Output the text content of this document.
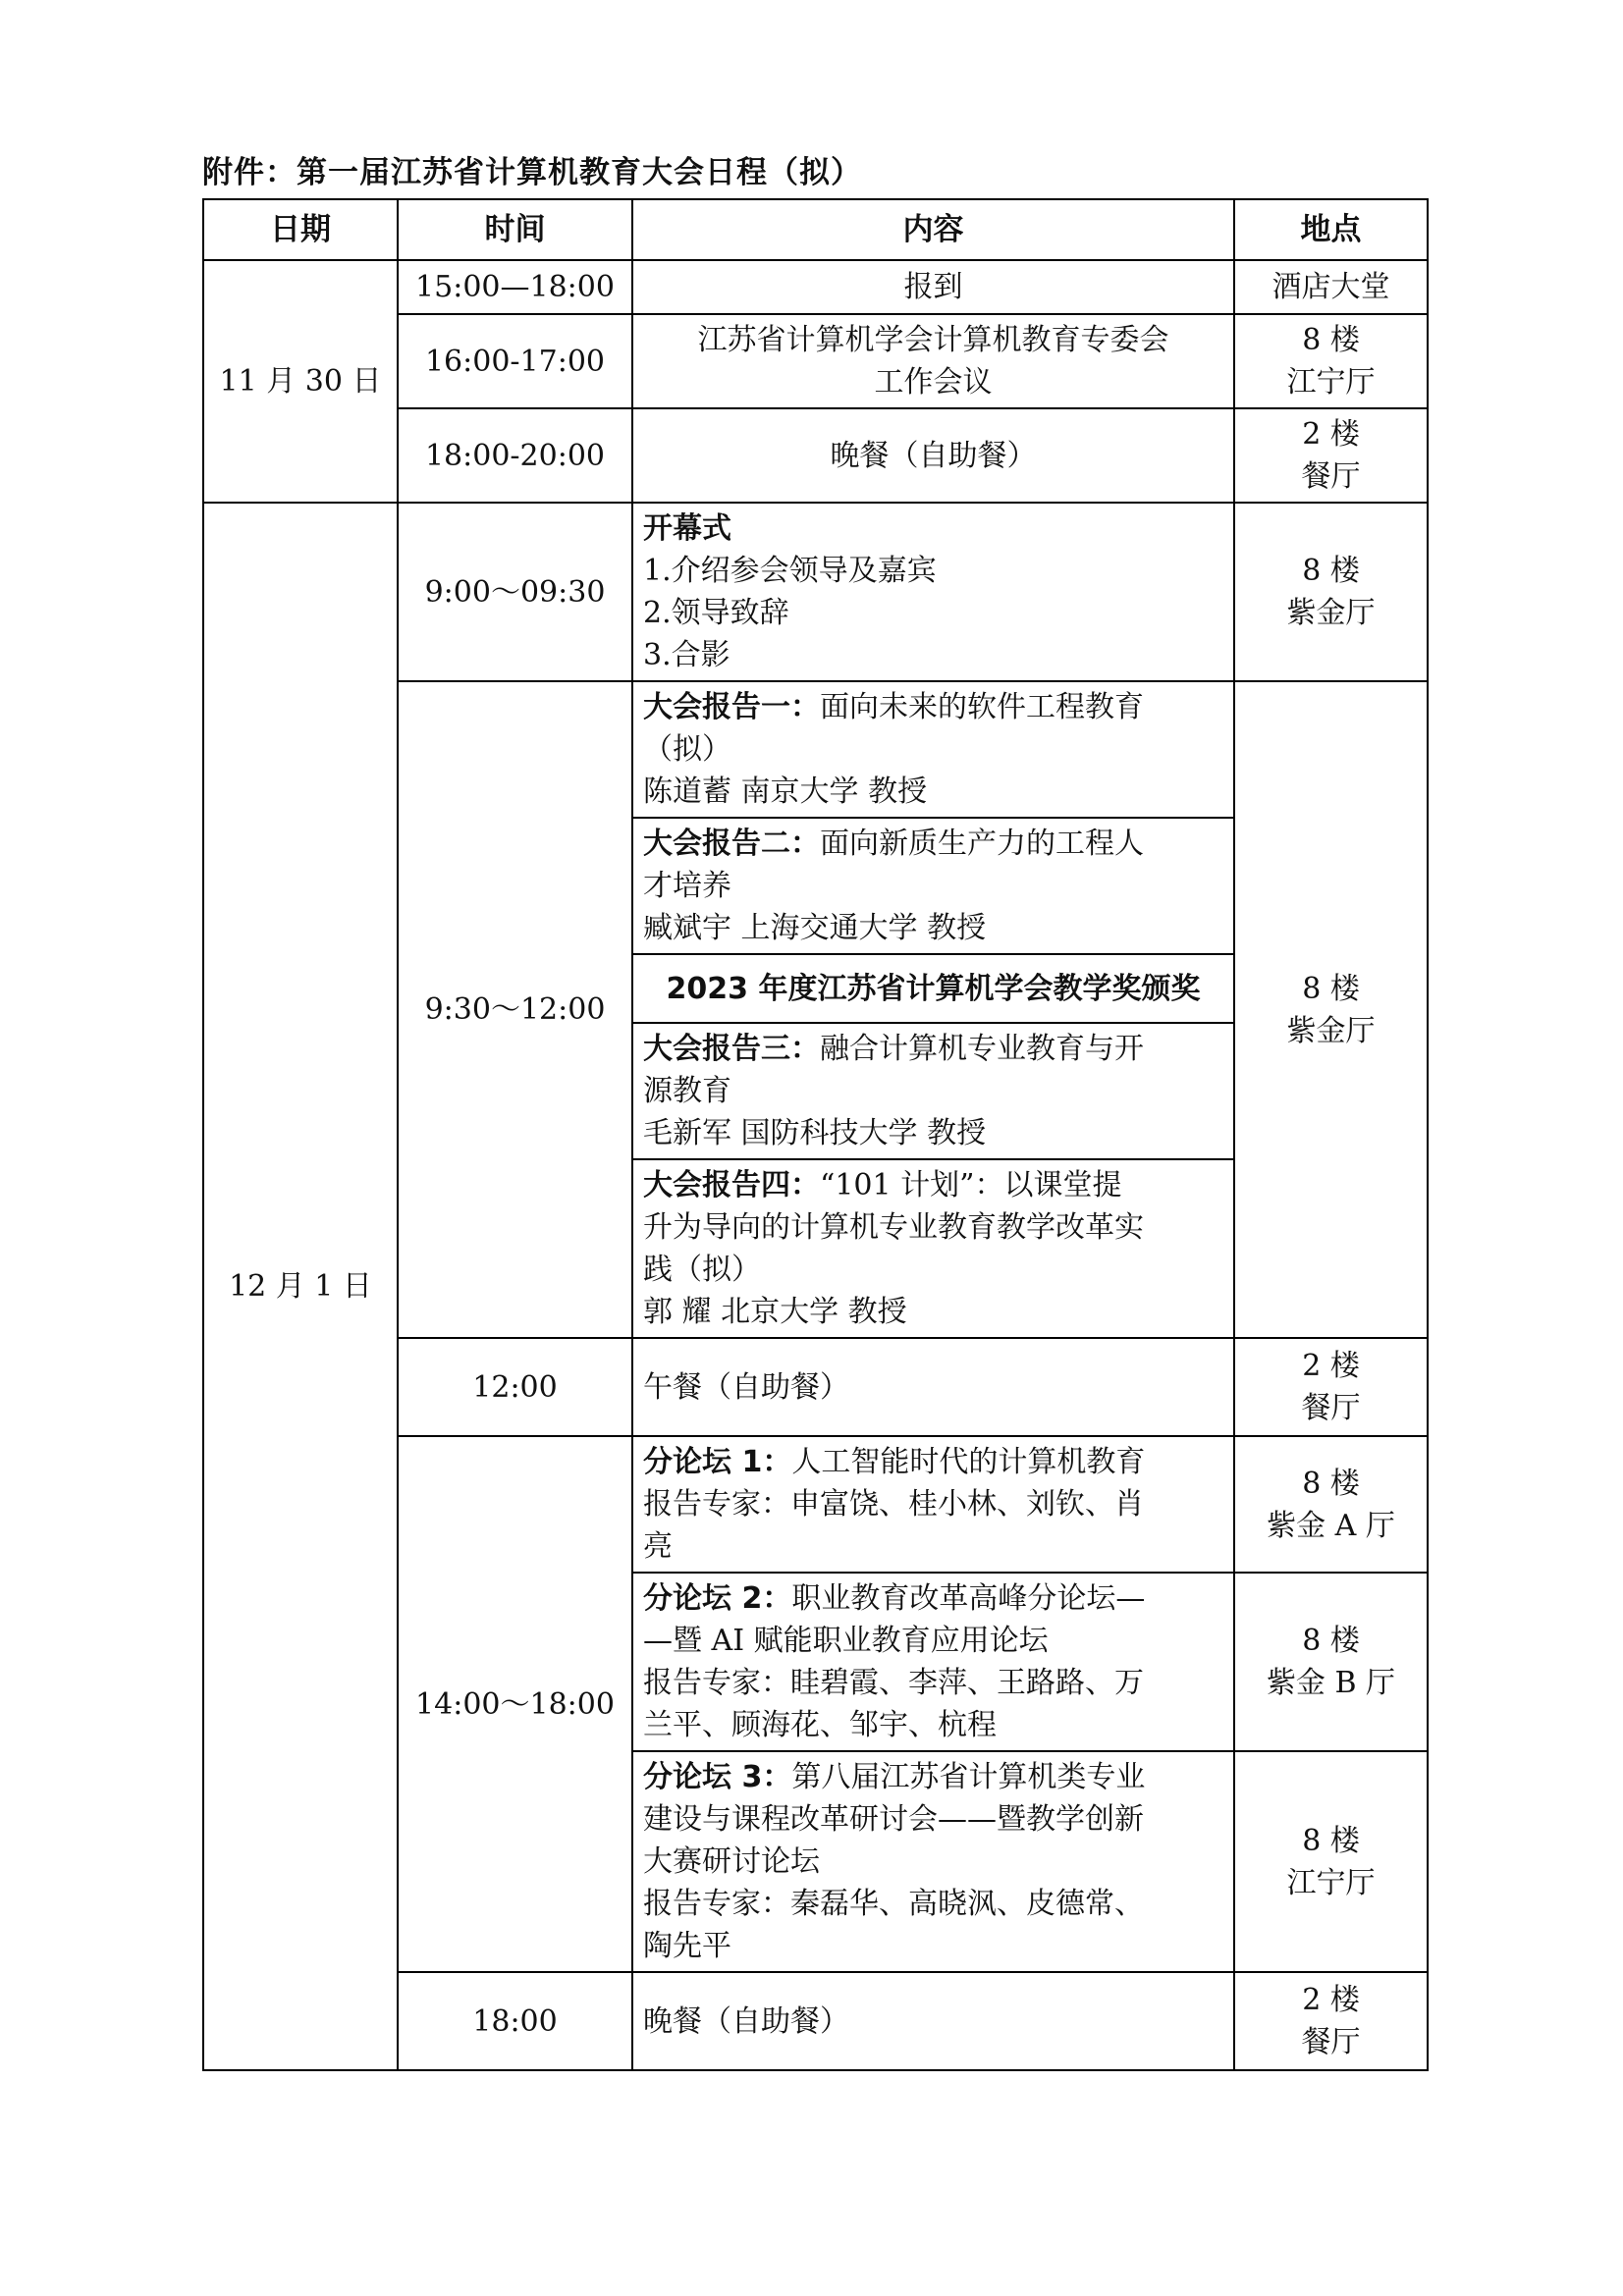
附件：第一届江苏省计算机教育大会日程（拟）
日期	时间	内容	地点
11 月 30 日	15:00—18:00	报到	酒店大堂
	16:00-17:00	江苏省计算机学会计算机教育专委会
工作会议	8 楼
江宁厅

	18:00-20:00	晚餐（自助餐）	2 楼
餐厅

12 月 1 日	9:00～09:30	开幕式
1.介绍参会领导及嘉宾
2.领导致辞
3.合影	8 楼
紫金厅

	9:30～12:00	大会报告一：面向未来的软件工程教育
（拟）
陈道蓄 南京大学 教授	8 楼
紫金厅

		大会报告二：面向新质生产力的工程人
才培养
臧斌宇 上海交通大学 教授	

		2023 年度江苏省计算机学会教学奖颁奖	

		大会报告三：融合计算机专业教育与开
源教育
毛新军 国防科技大学 教授	

		大会报告四：“101 计划”：以课堂提
升为导向的计算机专业教育教学改革实
践（拟）
郭 耀 北京大学 教授	

	12:00	午餐（自助餐）	2 楼
餐厅

	14:00～18:00	分论坛 1：人工智能时代的计算机教育
报告专家：申富饶、桂小林、刘钦、肖
亮	8 楼
紫金 A 厅

		分论坛 2：职业教育改革高峰分论坛—
—暨 AI 赋能职业教育应用论坛
报告专家：眭碧霞、李萍、王路路、万
兰平、顾海花、邹宇、杭程	8 楼
紫金 B 厅

		分论坛 3：第八届江苏省计算机类专业
建设与课程改革研讨会——暨教学创新
大赛研讨论坛
报告专家：秦磊华、高晓沨、皮德常、
陶先平	8 楼
江宁厅

	18:00	晚餐（自助餐）	2 楼
餐厅
